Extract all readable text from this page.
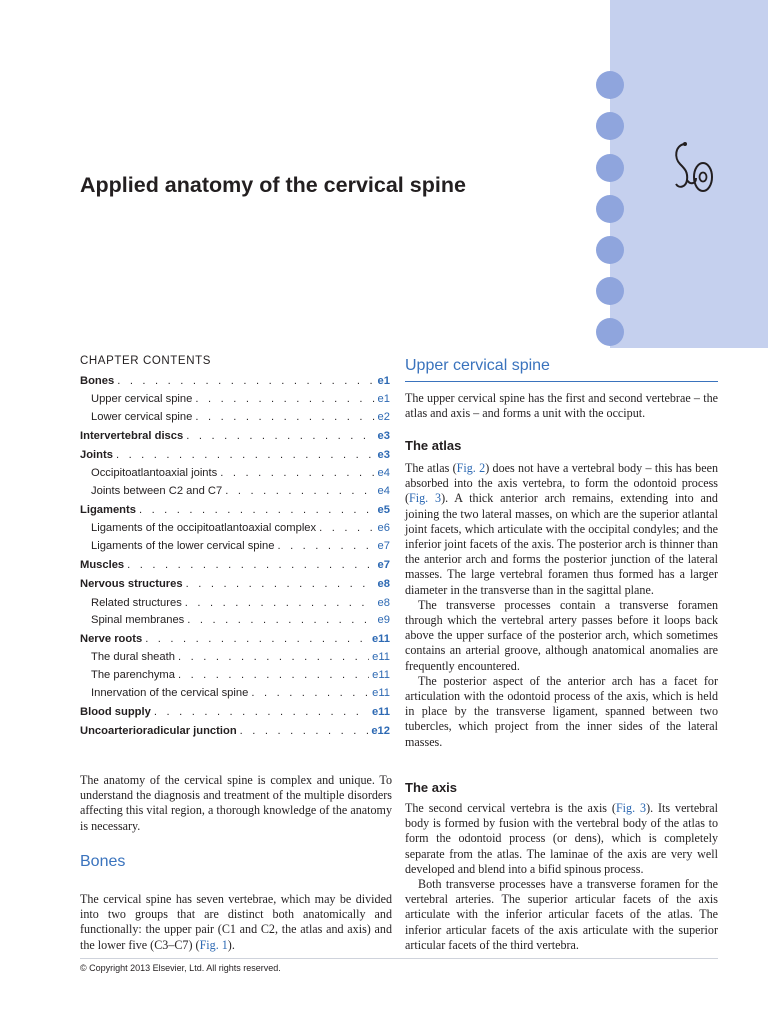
Applied anatomy of the cervical spine
CHAPTER CONTENTS
Bones . . .	e1
Upper cervical spine . . .	e1
Lower cervical spine . . .	e2
Intervertebral discs . . .	e3
Joints . . .	e3
Occipitoatlantoaxial joints . . .	e4
Joints between C2 and C7 . . .	e4
Ligaments . . .	e5
Ligaments of the occipitoatlantoaxial complex . . .	e6
Ligaments of the lower cervical spine . . .	e7
Muscles . . .	e7
Nervous structures . . .	e8
Related structures . . .	e8
Spinal membranes . . .	e9
Nerve roots . . .	e11
The dural sheath . . .	e11
The parenchyma . . .	e11
Innervation of the cervical spine . . .	e11
Blood supply . . .	e11
Uncoarterioradicular junction . . .	e12

The anatomy of the cervical spine is complex and unique. To understand the diagnosis and treatment of the multiple disorders affecting this vital region, a thorough knowledge of the anatomy is necessary.

Bones

The cervical spine has seven vertebrae, which may be divided into two groups that are distinct both anatomically and functionally: the upper pair (C1 and C2, the atlas and axis) and the lower five (C3–C7) (Fig. 1).

Upper cervical spine

The upper cervical spine has the first and second vertebrae – the atlas and axis – and forms a unit with the occiput.

The atlas

The atlas (Fig. 2) does not have a vertebral body – this has been absorbed into the axis vertebra, to form the odontoid process (Fig. 3). A thick anterior arch remains, extending into and joining the two lateral masses, on which are the superior atlantal joint facets, which articulate with the occipital condyles; and the inferior joint facets of the axis. The posterior arch is thinner than the anterior arch and forms the posterior junction of the lateral masses. The large vertebral foramen thus formed has a larger diameter in the transverse than in the sagittal plane.

The transverse processes contain a transverse foramen through which the vertebral artery passes before it loops back above the upper surface of the posterior arch, which sometimes contains an arterial groove, although anatomical anomalies are frequently encountered.

The posterior aspect of the anterior arch has a facet for articulation with the odontoid process of the axis, which is held in place by the transverse ligament, spanned between two tubercles, which project from the inner sides of the lateral masses.

The axis

The second cervical vertebra is the axis (Fig. 3). Its vertebral body is formed by fusion with the vertebral body of the atlas to form the odontoid process (or dens), which is completely separate from the atlas. The laminae of the axis are very well developed and blend into a bifid spinous process.

Both transverse processes have a transverse foramen for the vertebral arteries. The superior articular facets of the axis articulate with the inferior articular facets of the atlas. The inferior articular facets of the axis articulate with the superior articular facets of the third vertebra.

© Copyright 2013 Elsevier, Ltd. All rights reserved.
